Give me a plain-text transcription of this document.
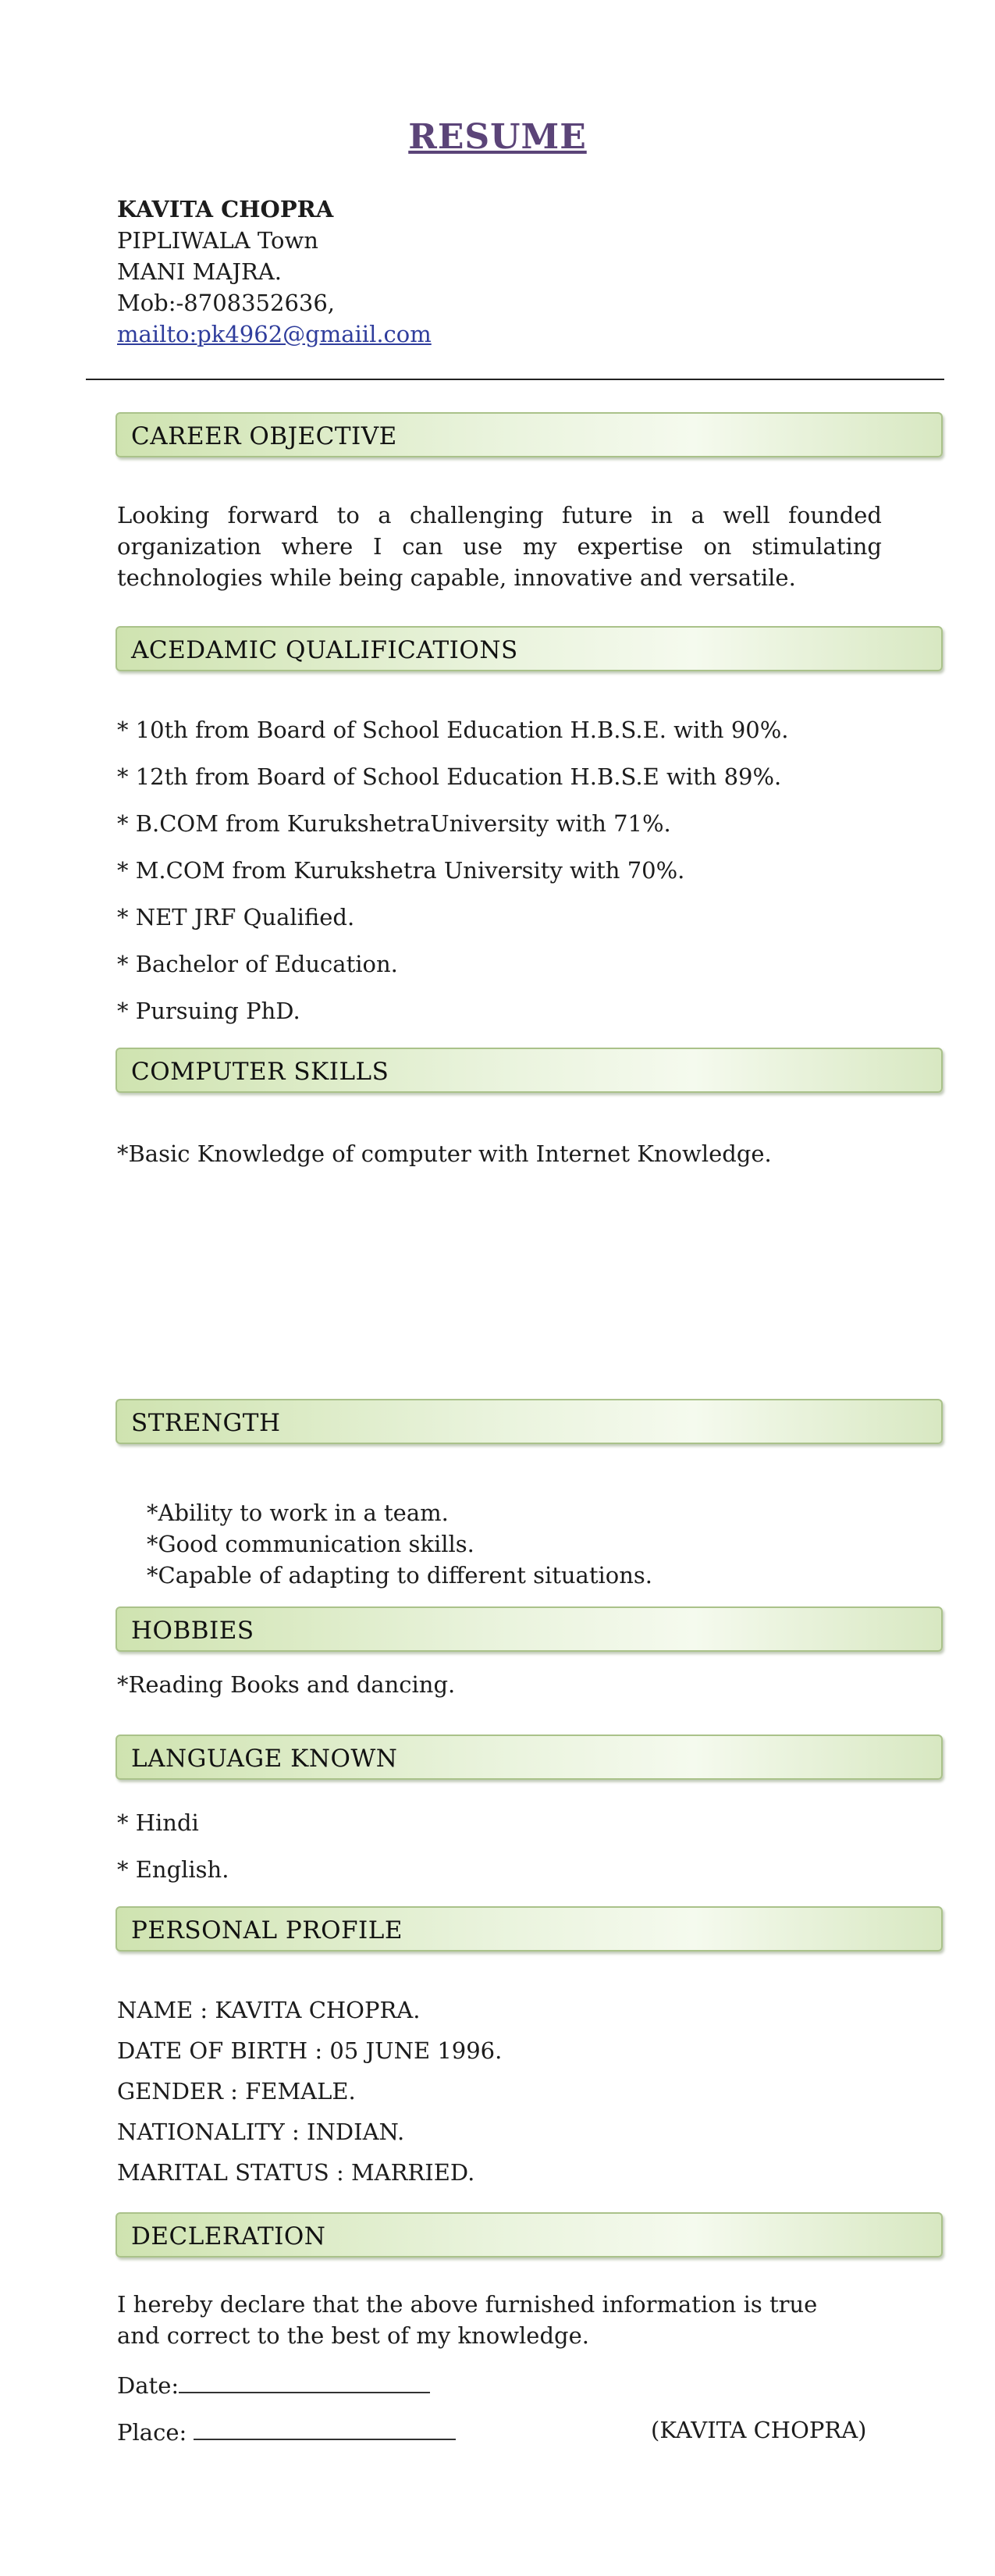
RESUME
KAVITA CHOPRA
PIPLIWALA Town
MANI MAJRA.
Mob:-8708352636,
mailto:pk4962@gmaiil.com
CAREER OBJECTIVE
Looking forward to a challenging future in a well founded organization where I can use my expertise on stimulating technologies while being capable, innovative and versatile.
ACEDAMIC QUALIFICATIONS
* 10th from Board of School Education H.B.S.E. with 90%.
* 12th from Board of School Education H.B.S.E with 89%.
* B.COM from KurukshetraUniversity with 71%.
* M.COM from Kurukshetra University with 70%.
* NET JRF Qualified.
* Bachelor of Education.
* Pursuing PhD.
COMPUTER SKILLS
*Basic Knowledge of computer with Internet Knowledge.
STRENGTH
*Ability to work in a team.
*Good communication skills.
*Capable of adapting to different situations.
HOBBIES
*Reading Books and dancing.
LANGUAGE KNOWN
* Hindi
* English.
PERSONAL PROFILE
NAME : KAVITA CHOPRA.
DATE OF BIRTH : 05 JUNE 1996.
GENDER : FEMALE.
NATIONALITY : INDIAN.
MARITAL STATUS : MARRIED.
DECLERATION
I hereby declare that the above furnished information is true and correct to the best of my knowledge.
Date:
Place:	(KAVITA CHOPRA)
